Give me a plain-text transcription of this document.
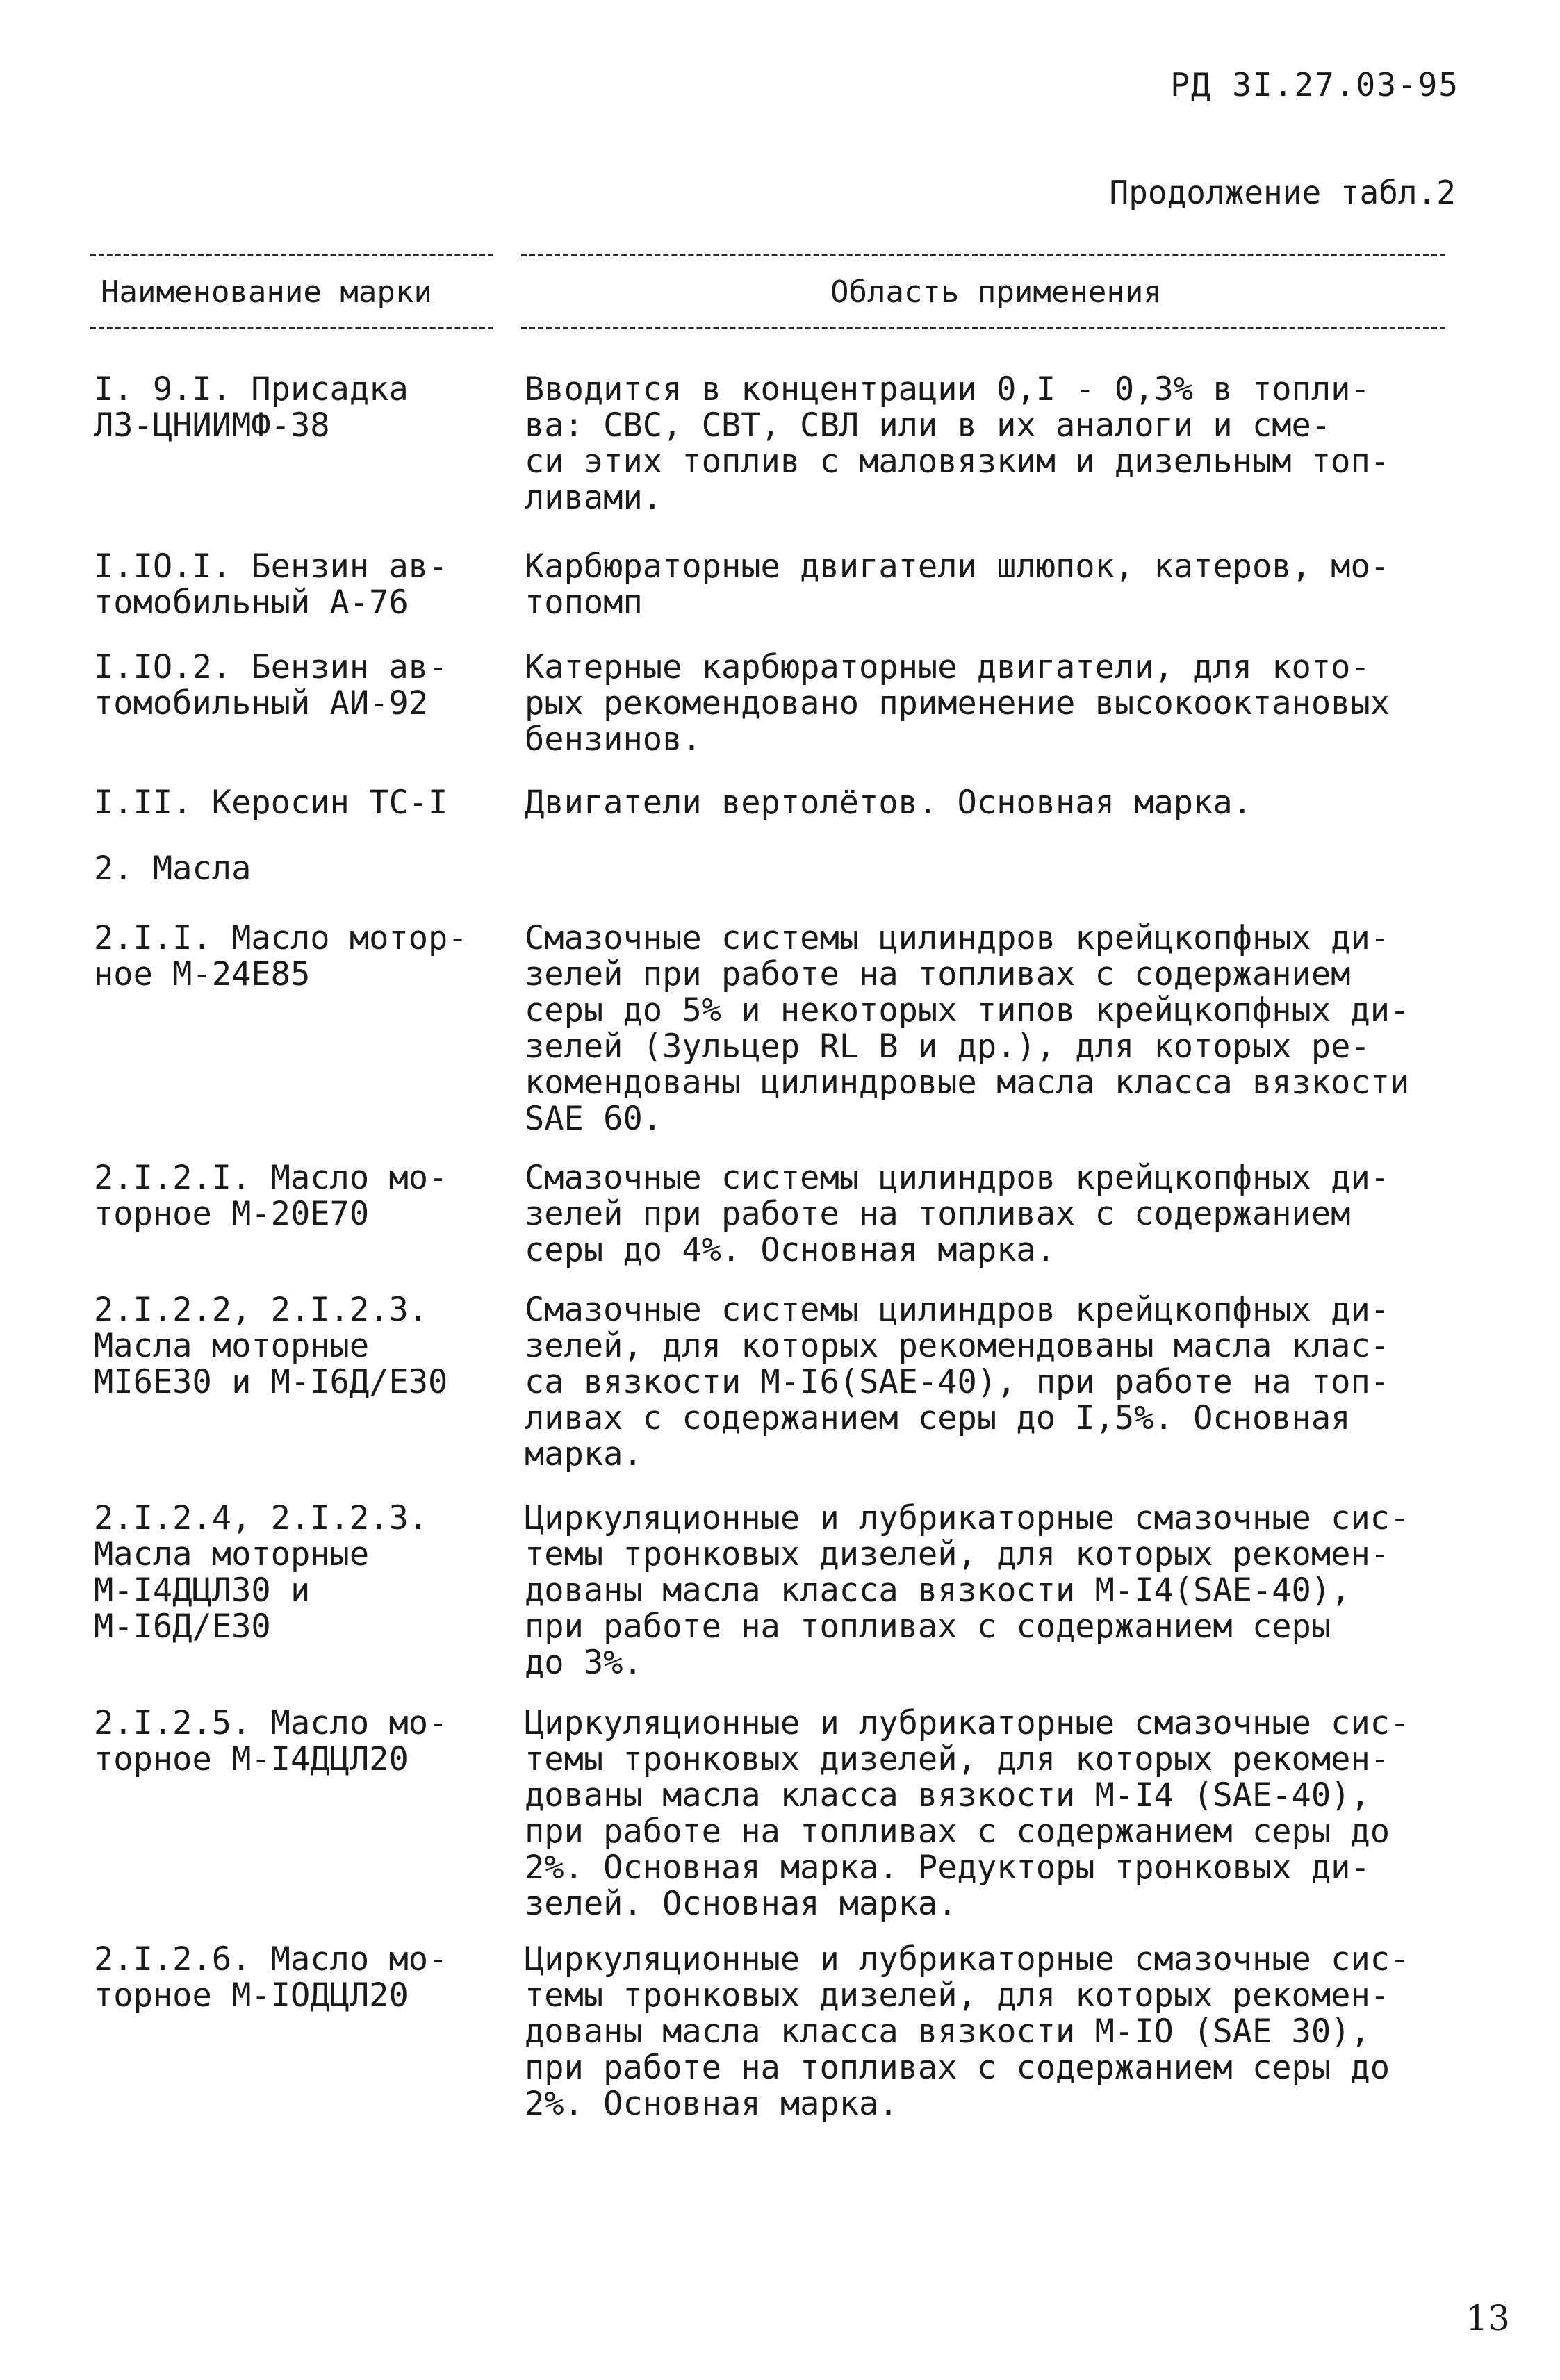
РД 3I.27.03-95
Продолжение табл.2
Наименование марки	Область применения
I. 9.I. Присадка
ЛЗ-ЦНИИМФ-38
Вводится в концентрации 0,I - 0,3% в топли-
ва: СВС, СВТ, СВЛ или в их аналоги и сме-
си этих топлив с маловязким и дизельным топ-
ливами.
I.IO.I. Бензин ав-
томобильный А-76
Карбюраторные двигатели шлюпок, катеров, мо-
топомп
I.IO.2. Бензин ав-
томобильный АИ-92
Катерные карбюраторные двигатели, для кото-
рых рекомендовано применение высокооктановых
бензинов.
I.II. Керосин ТС-I	Двигатели вертолётов. Основная марка.
2. Масла
2.I.I. Масло мотор-
ное М-24Е85
Смазочные системы цилиндров крейцкопфных ди-
зелей при работе на топливах с содержанием
серы до 5% и некоторых типов крейцкопфных ди-
зелей (Зульцер RL B и др.), для которых ре-
комендованы цилиндровые масла класса вязкости
SAE 60.
2.I.2.I. Масло мо-
торное М-20Е70
Смазочные системы цилиндров крейцкопфных ди-
зелей при работе на топливах с содержанием
серы до 4%. Основная марка.
2.I.2.2, 2.I.2.3.
Масла моторные
МI6Е30 и М-I6Д/Е30
Смазочные системы цилиндров крейцкопфных ди-
зелей, для которых рекомендованы масла клас-
са вязкости М-I6(SAE-40), при работе на топ-
ливах с содержанием серы до I,5%. Основная
марка.
2.I.2.4, 2.I.2.3.
Масла моторные
М-I4ДЦЛ30 и
М-I6Д/Е30
Циркуляционные и лубрикаторные смазочные сис-
темы тронковых дизелей, для которых рекомен-
дованы масла класса вязкости М-I4(SAE-40),
при работе на топливах с содержанием серы
до 3%.
2.I.2.5. Масло мо-
торное М-I4ДЦЛ20
Циркуляционные и лубрикаторные смазочные сис-
темы тронковых дизелей, для которых рекомен-
дованы масла класса вязкости М-I4 (SAE-40),
при работе на топливах с содержанием серы до
2%. Основная марка. Редукторы тронковых ди-
зелей. Основная марка.
2.I.2.6. Масло мо-
торное М-IОДЦЛ20
Циркуляционные и лубрикаторные смазочные сис-
темы тронковых дизелей, для которых рекомен-
дованы масла класса вязкости М-IО (SAE 30),
при работе на топливах с содержанием серы до
2%. Основная марка.
13
